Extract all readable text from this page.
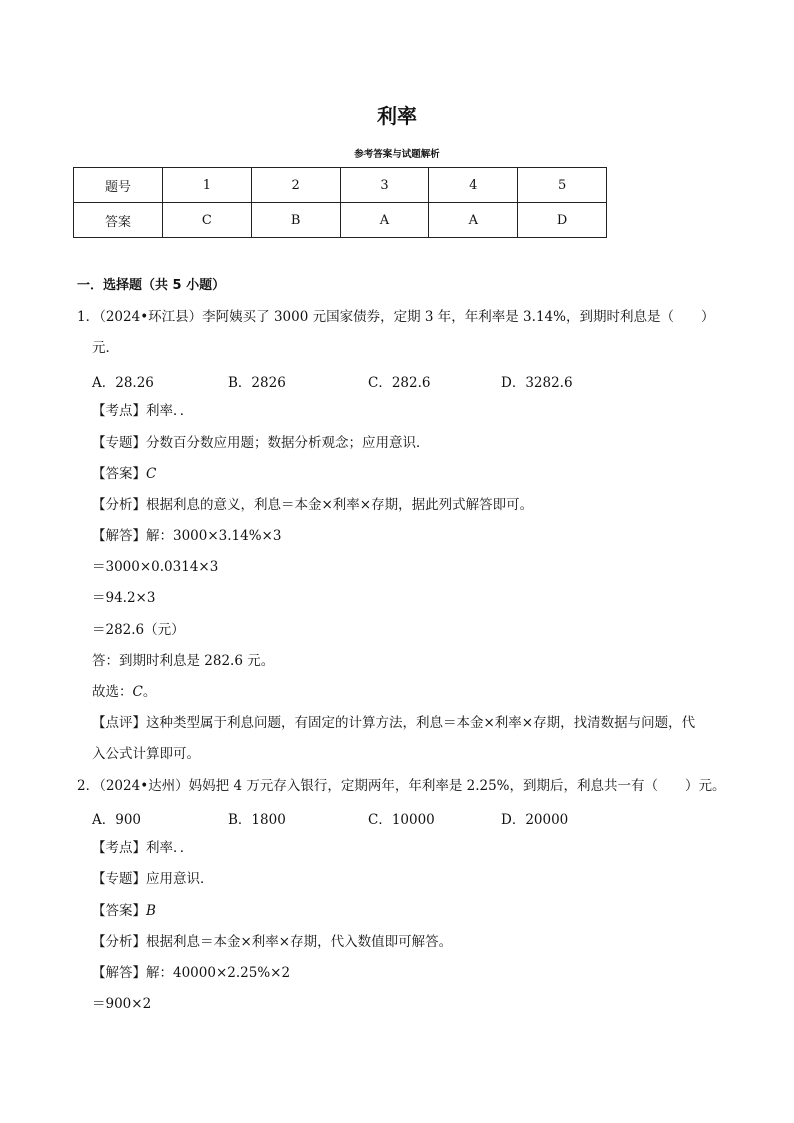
利率
参考答案与试题解析
题号	1	2	3	4	5
答案	C	B	A	A	D
一．选择题（共 5 小题）
1．（2024•环江县）李阿姨买了 3000 元国家债券，定期 3 年，年利率是 3.14%，到期时利息是（　　）
元．
A．28.26	B．2826	C．282.6	D．3282.6
【考点】利率．．
【专题】分数百分数应用题；数据分析观念；应用意识．
【答案】C
【分析】根据利息的意义，利息＝本金×利率×存期，据此列式解答即可。
【解答】解：3000×3.14%×3
＝3000×0.0314×3
＝94.2×3
＝282.6（元）
答：到期时利息是 282.6 元。
故选：C。
【点评】这种类型属于利息问题，有固定的计算方法，利息＝本金×利率×存期，找清数据与问题，代
入公式计算即可。
2．（2024•达州）妈妈把 4 万元存入银行，定期两年，年利率是 2.25%，到期后，利息共一有（　　）元。
A．900	B．1800	C．10000	D．20000
【考点】利率．．
【专题】应用意识．
【答案】B
【分析】根据利息＝本金×利率×存期，代入数值即可解答。
【解答】解：40000×2.25%×2
＝900×2
